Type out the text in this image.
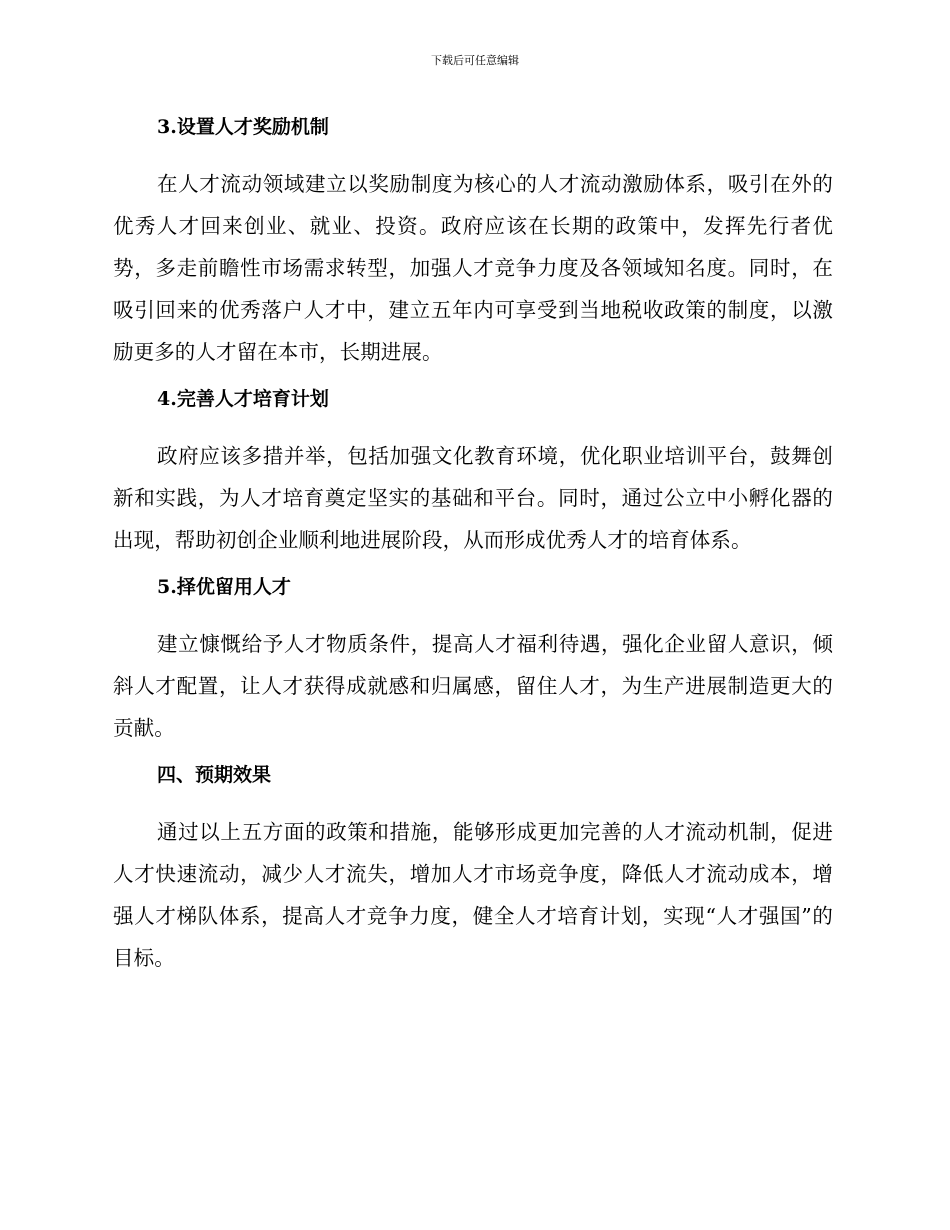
下载后可任意编辑
3.设置人才奖励机制

在人才流动领域建立以奖励制度为核心的人才流动激励体系，吸引在外的优秀人才回来创业、就业、投资。政府应该在长期的政策中，发挥先行者优势，多走前瞻性市场需求转型，加强人才竞争力度及各领域知名度。同时，在吸引回来的优秀落户人才中，建立五年内可享受到当地税收政策的制度，以激励更多的人才留在本市，长期进展。

4.完善人才培育计划

政府应该多措并举，包括加强文化教育环境，优化职业培训平台，鼓舞创新和实践，为人才培育奠定坚实的基础和平台。同时，通过公立中小孵化器的出现，帮助初创企业顺利地进展阶段，从而形成优秀人才的培育体系。

5.择优留用人才

建立慷慨给予人才物质条件，提高人才福利待遇，强化企业留人意识，倾斜人才配置，让人才获得成就感和归属感，留住人才，为生产进展制造更大的贡献。

四、预期效果

通过以上五方面的政策和措施，能够形成更加完善的人才流动机制，促进人才快速流动，减少人才流失，增加人才市场竞争度，降低人才流动成本，增强人才梯队体系，提高人才竞争力度，健全人才培育计划，实现“人才强国”的目标。
